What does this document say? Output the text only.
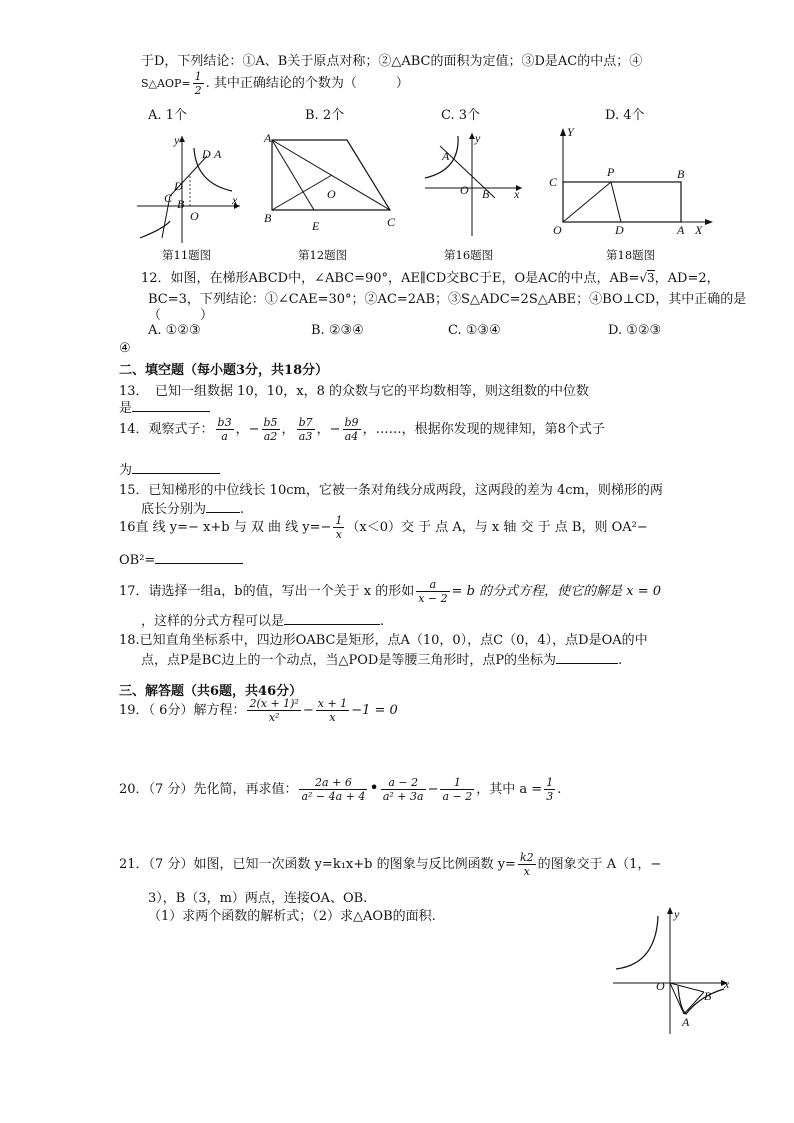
于D，下列结论：①A、B关于原点对称；②△ABC的面积为定值；③D是AC的中点；④
S△AOP= $\frac{1}{2}$ . 其中正确结论的个数为（　　　）
A. 1个	B. 2个	C. 3个	D. 4个
y
x
D A
D
C B
O
第11题图
A
B
E
O
C
第12题图
y
A
O B x
第16题图
Y
C
P	B
O	D	A X
第18题图
12．如图，在梯形ABCD中，∠ABC=90°，AE∥CD交BC于E，O是AC的中点，AB=√3，AD=2，
BC=3，下列结论：①∠CAE=30°；②AC=2AB；③S△ADC=2S△ABE；④BO⊥CD，其中正确的是
（　　　）
A. ①②③	B. ②③④	C. ①③④	D. ①②③
④
二、填空题（每小题3分，共18分）
13．　已知一组数据 10，10，x，8 的众数与它的平均数相等，则这组数的中位数
是
14．观察式子： $\frac{b3}{a}$ ，− $\frac{b5}{a2}$ ， $\frac{b7}{a3}$ ，− $\frac{b9}{a4}$ ，……，根据你发现的规律知，第8个式子
为
15．已知梯形的中位线长 10cm，它被一条对角线分成两段，这两段的差为 4cm，则梯形的两
底长分别为	.
16直 线 y=− x+b 与 双 曲 线 $y=- \frac{1}{x} (x<0)$交 于 点 A，与 x 轴 交 于 点 B，则 OA²−
OB²=
17．请选择一组a，b的值，写出一个关于 x 的形如 $\frac{a}{x - 2} = b$ 的分式方程，使它的解是 x = 0
，这样的分式方程可以是	.
18.已知直角坐标系中，四边形OABC是矩形，点A（10，0），点C（0，4），点D是OA的中
点，点P是BC边上的一个动点，当△POD是等腰三角形时，点P的坐标为	.
三、解答题（共6题，共46分）
19．（ 6分）解方程： $\frac{\text{2(x + 1)²}}{\text{x²}} - \frac{x + 1}{x} -1 = 0$
20．（7 分）先化简，再求值： $\frac{2a + 6}{\text{a² − 4a + 4}}$ • $\frac{a - 2}{\text{a² + 3a}} - \frac{1}{a - 2}$ ，其中 $a = \frac{1}{3}$ .
21．（7 分）如图，已知一次函数 y=k₁x+b 的图象与反比例函数 $y= \frac{k2}{x}$ 的图象交于 A（1，−
3），B（3，m）两点，连接OA、OB.
（1）求两个函数的解析式；（2）求△AOB的面积.	y
O	x
B
A
